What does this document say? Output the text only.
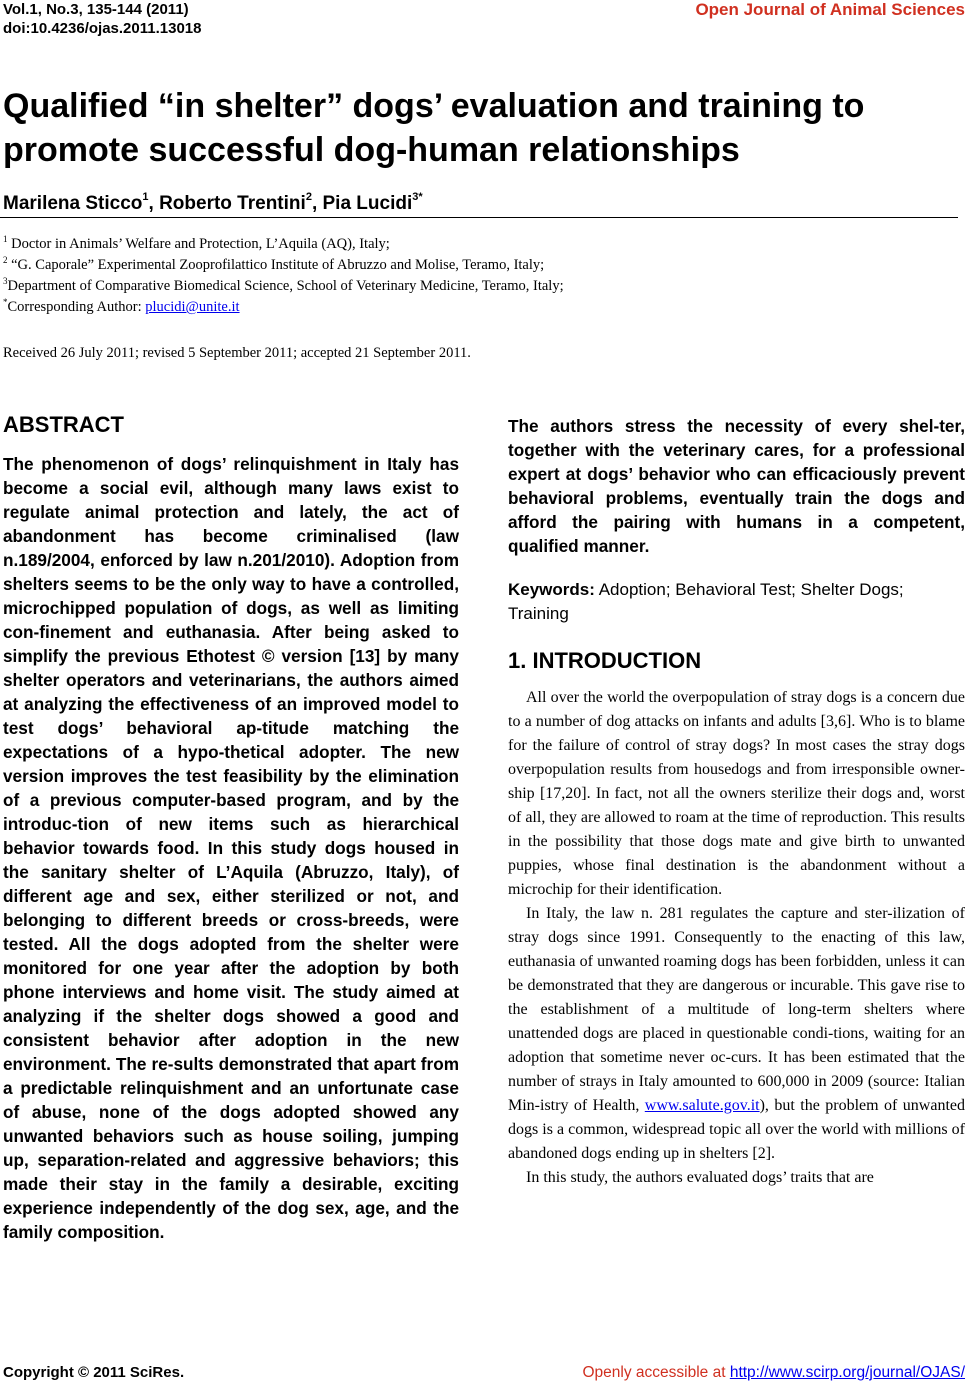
Vol.1, No.3, 135-144 (2011)
doi:10.4236/ojas.2011.13018
Open Journal of Animal Sciences
Qualified “in shelter” dogs’ evaluation and training to
promote successful dog-human relationships
Marilena Sticco$^1$, Roberto Trentini$^2$, Pia Lucidi$^{3*}$
$^1$ Doctor in Animals’ Welfare and Protection, L’Aquila (AQ), Italy;
$^2$ “G. Caporale” Experimental Zooprofilattico Institute of Abruzzo and Molise, Teramo, Italy;
$^3$Department of Comparative Biomedical Science, School of Veterinary Medicine, Teramo, Italy;
*Corresponding Author: plucidi@unite.it
Received 26 July 2011; revised 5 September 2011; accepted 21 September 2011.
ABSTRACT

The phenomenon of dogs’ relinquishment in Italy has become a social evil, although many laws exist to regulate animal protection and lately, the act of abandonment has become criminalised (law n.189/2004, enforced by law n.201/2010). Adoption from shelters seems to be the only way to have a controlled, microchipped population of dogs, as well as limiting con-finement and euthanasia. After being asked to simplify the previous Ethotest © version [13] by many shelter operators and veterinarians, the authors aimed at analyzing the effectiveness of an improved model to test dogs’ behavioral ap-titude matching the expectations of a hypo-thetical adopter. The new version improves the test feasibility by the elimination of a previous computer-based program, and by the introduc-tion of new items such as hierarchical behavior towards food. In this study dogs housed in the sanitary shelter of L’Aquila (Abruzzo, Italy), of different age and sex, either sterilized or not, and belonging to different breeds or cross-breeds, were tested. All the dogs adopted from the shelter were monitored for one year after the adoption by both phone interviews and home visit. The study aimed at analyzing if the shelter dogs showed a good and consistent behavior after adoption in the new environment. The re-sults demonstrated that apart from a predictable relinquishment and an unfortunate case of abuse, none of the dogs adopted showed any unwanted behaviors such as house soiling, jumping up, separation-related and aggressive behaviors; this made their stay in the family a desirable, exciting experience independently of the dog sex, age, and the family composition.

The authors stress the necessity of every shel-ter, together with the veterinary cares, for a professional expert at dogs’ behavior who can efficaciously prevent behavioral problems, eventually train the dogs and afford the pairing with humans in a competent, qualified manner.

Keywords: Adoption; Behavioral Test; Shelter Dogs; Training

1. INTRODUCTION

All over the world the overpopulation of stray dogs is a concern due to a number of dog attacks on infants and adults [3,6]. Who is to blame for the failure of control of stray dogs? In most cases the stray dogs overpopulation results from housedogs and from irresponsible owner-ship [17,20]. In fact, not all the owners sterilize their dogs and, worst of all, they are allowed to roam at the time of reproduction. This results in the possibility that those dogs mate and give birth to unwanted puppies, whose final destination is the abandonment without a microchip for their identification.

In Italy, the law n. 281 regulates the capture and ster-ilization of stray dogs since 1991. Consequently to the enacting of this law, euthanasia of unwanted roaming dogs has been forbidden, unless it can be demonstrated that they are dangerous or incurable. This gave rise to the establishment of a multitude of long-term shelters where unattended dogs are placed in questionable condi-tions, waiting for an adoption that sometime never oc-curs. It has been estimated that the number of strays in Italy amounted to 600,000 in 2009 (source: Italian Min-istry of Health, www.salute.gov.it), but the problem of unwanted dogs is a common, widespread topic all over the world with millions of abandoned dogs ending up in shelters [2].

In this study, the authors evaluated dogs’ traits that are

Copyright © 2011 SciRes.	Openly accessible at http://www.scirp.org/journal/OJAS/
